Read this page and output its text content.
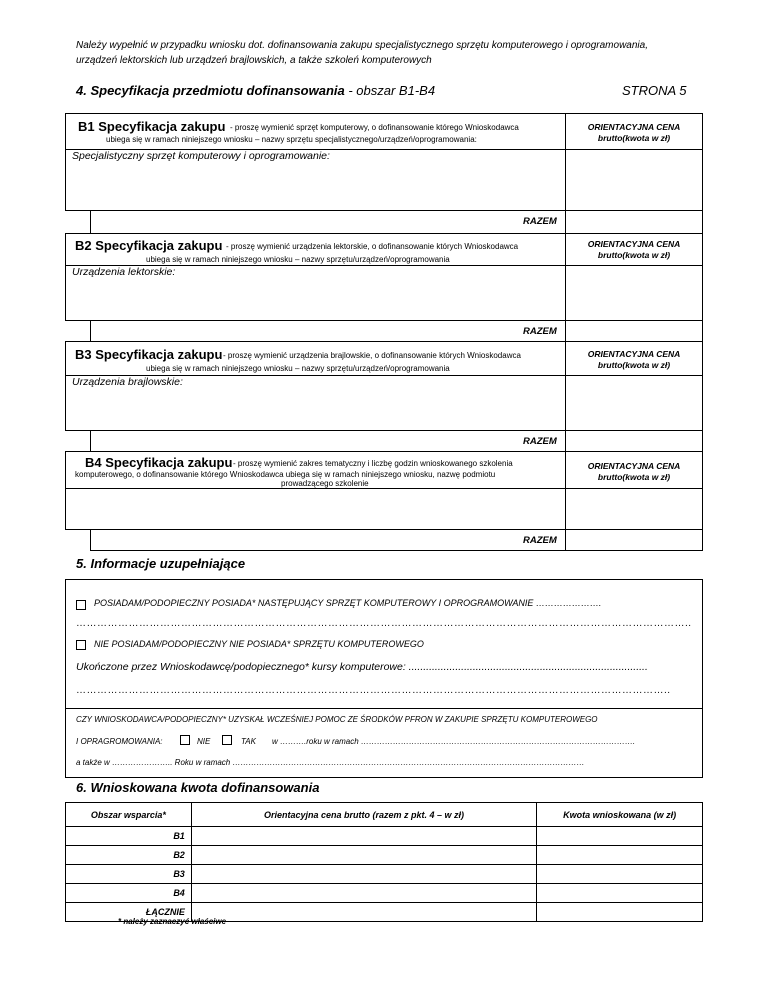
Należy wypełnić w przypadku wniosku dot. dofinansowania zakupu specjalistycznego sprzętu komputerowego i oprogramowania,
urządzeń lektorskich lub urządzeń brajlowskich, a także szkoleń komputerowych
4. Specyfikacja przedmiotu dofinansowania - obszar B1-B4	STRONA 5
B1 Specyfikacja zakupu - proszę wymienić sprzęt komputerowy, o dofinansowanie którego Wnioskodawca
ubiega się w ramach niniejszego wniosku – nazwy sprzętu specjalistycznego/urządzeń/oprogramowania:
ORIENTACYJNA CENA
brutto(kwota w zł)
Specjalistyczny sprzęt komputerowy i oprogramowanie:
RAZEM
B2 Specyfikacja zakupu - proszę wymienić urządzenia lektorskie, o dofinansowanie których Wnioskodawca
ubiega się w ramach niniejszego wniosku – nazwy sprzętu/urządzeń/oprogramowania
ORIENTACYJNA CENA
brutto(kwota w zł)
Urządzenia lektorskie:
RAZEM
B3 Specyfikacja zakupu - proszę wymienić urządzenia brajlowskie, o dofinansowanie których Wnioskodawca
ubiega się w ramach niniejszego wniosku – nazwy sprzętu/urządzeń/oprogramowania
ORIENTACYJNA CENA
brutto(kwota w zł)
Urządzenia brajlowskie:
RAZEM
B4 Specyfikacja zakupu - proszę wymienić zakres tematyczny i liczbę godzin wnioskowanego szkolenia
komputerowego, o dofinansowanie którego Wnioskodawca ubiega się w ramach niniejszego wniosku, nazwę podmiotu
prowadzącego szkolenie
ORIENTACYJNA CENA
brutto(kwota w zł)
RAZEM
5. Informacje uzupełniające
POSIADAM/PODOPIECZNY POSIADA* NASTĘPUJĄCY SPRZĘT KOMPUTEROWY I OPROGRAMOWANIE ………………….
…………………………………………………………………………………………………………………………………………………………..
NIE POSIADAM/PODOPIECZNY NIE POSIADA* SPRZĘTU KOMPUTEROWEGO
Ukończone przez Wnioskodawcę/podopiecznego* kursy komputerowe: ..................................................................................
……………………………………………………………………………………………………………………………………………………..
CZY WNIOSKODAWCA/PODOPIECZNY* UZYSKAŁ WCZEŚNIEJ POMOC ZE ŚRODKÓW PFRON W ZAKUPIE SPRZĘTU KOMPUTEROWEGO
I OPRAGROMOWANIA:	NIE	TAK w ……….roku w ramach ………………………………………………………………………………………….
a także w ………………….. Roku w ramach ……………………………………………………………………………………………………………………
6. Wnioskowana kwota dofinansowania
Obszar wsparcia*	Orientacyjna cena brutto (razem z pkt. 4 – w zł)	Kwota wnioskowana (w zł)
B1		
B2		
B3		
B4		
ŁĄCZNIE		
* należy zaznaczyć właściwe
